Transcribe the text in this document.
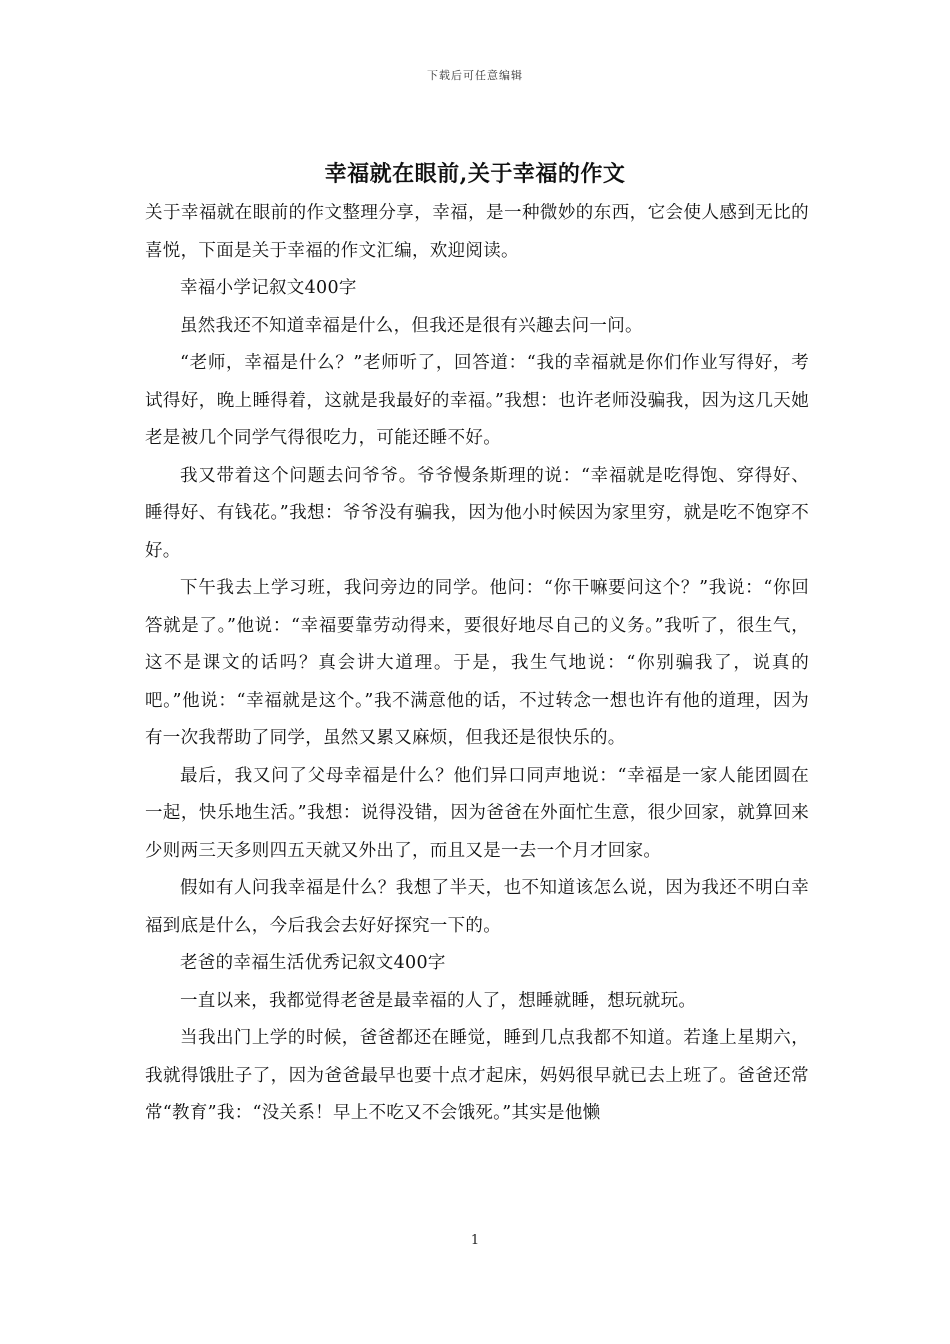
下载后可任意编辑
幸福就在眼前,关于幸福的作文

关于幸福就在眼前的作文整理分享，幸福，是一种微妙的东西，它会使人感到无比的喜悦，下面是关于幸福的作文汇编，欢迎阅读。

幸福小学记叙文400字

虽然我还不知道幸福是什么，但我还是很有兴趣去问一问。

“老师，幸福是什么？”老师听了，回答道：“我的幸福就是你们作业写得好，考试得好，晚上睡得着，这就是我最好的幸福。”我想：也许老师没骗我，因为这几天她老是被几个同学气得很吃力，可能还睡不好。

我又带着这个问题去问爷爷。爷爷慢条斯理的说：“幸福就是吃得饱、穿得好、睡得好、有钱花。”我想：爷爷没有骗我，因为他小时候因为家里穷，就是吃不饱穿不好。

下午我去上学习班，我问旁边的同学。他问：“你干嘛要问这个？”我说：“你回答就是了。”他说：“幸福要靠劳动得来，要很好地尽自己的义务。”我听了，很生气，这不是课文的话吗？真会讲大道理。于是，我生气地说：“你别骗我了，说真的吧。”他说：“幸福就是这个。”我不满意他的话，不过转念一想也许有他的道理，因为有一次我帮助了同学，虽然又累又麻烦，但我还是很快乐的。

最后，我又问了父母幸福是什么？他们异口同声地说：“幸福是一家人能团圆在一起，快乐地生活。”我想：说得没错，因为爸爸在外面忙生意，很少回家，就算回来少则两三天多则四五天就又外出了，而且又是一去一个月才回家。

假如有人问我幸福是什么？我想了半天，也不知道该怎么说，因为我还不明白幸福到底是什么，今后我会去好好探究一下的。

老爸的幸福生活优秀记叙文400字

一直以来，我都觉得老爸是最幸福的人了，想睡就睡，想玩就玩。

当我出门上学的时候，爸爸都还在睡觉，睡到几点我都不知道。若逢上星期六，我就得饿肚子了，因为爸爸最早也要十点才起床，妈妈很早就已去上班了。爸爸还常常“教育”我：“没关系！早上不吃又不会饿死。”其实是他懒

1
